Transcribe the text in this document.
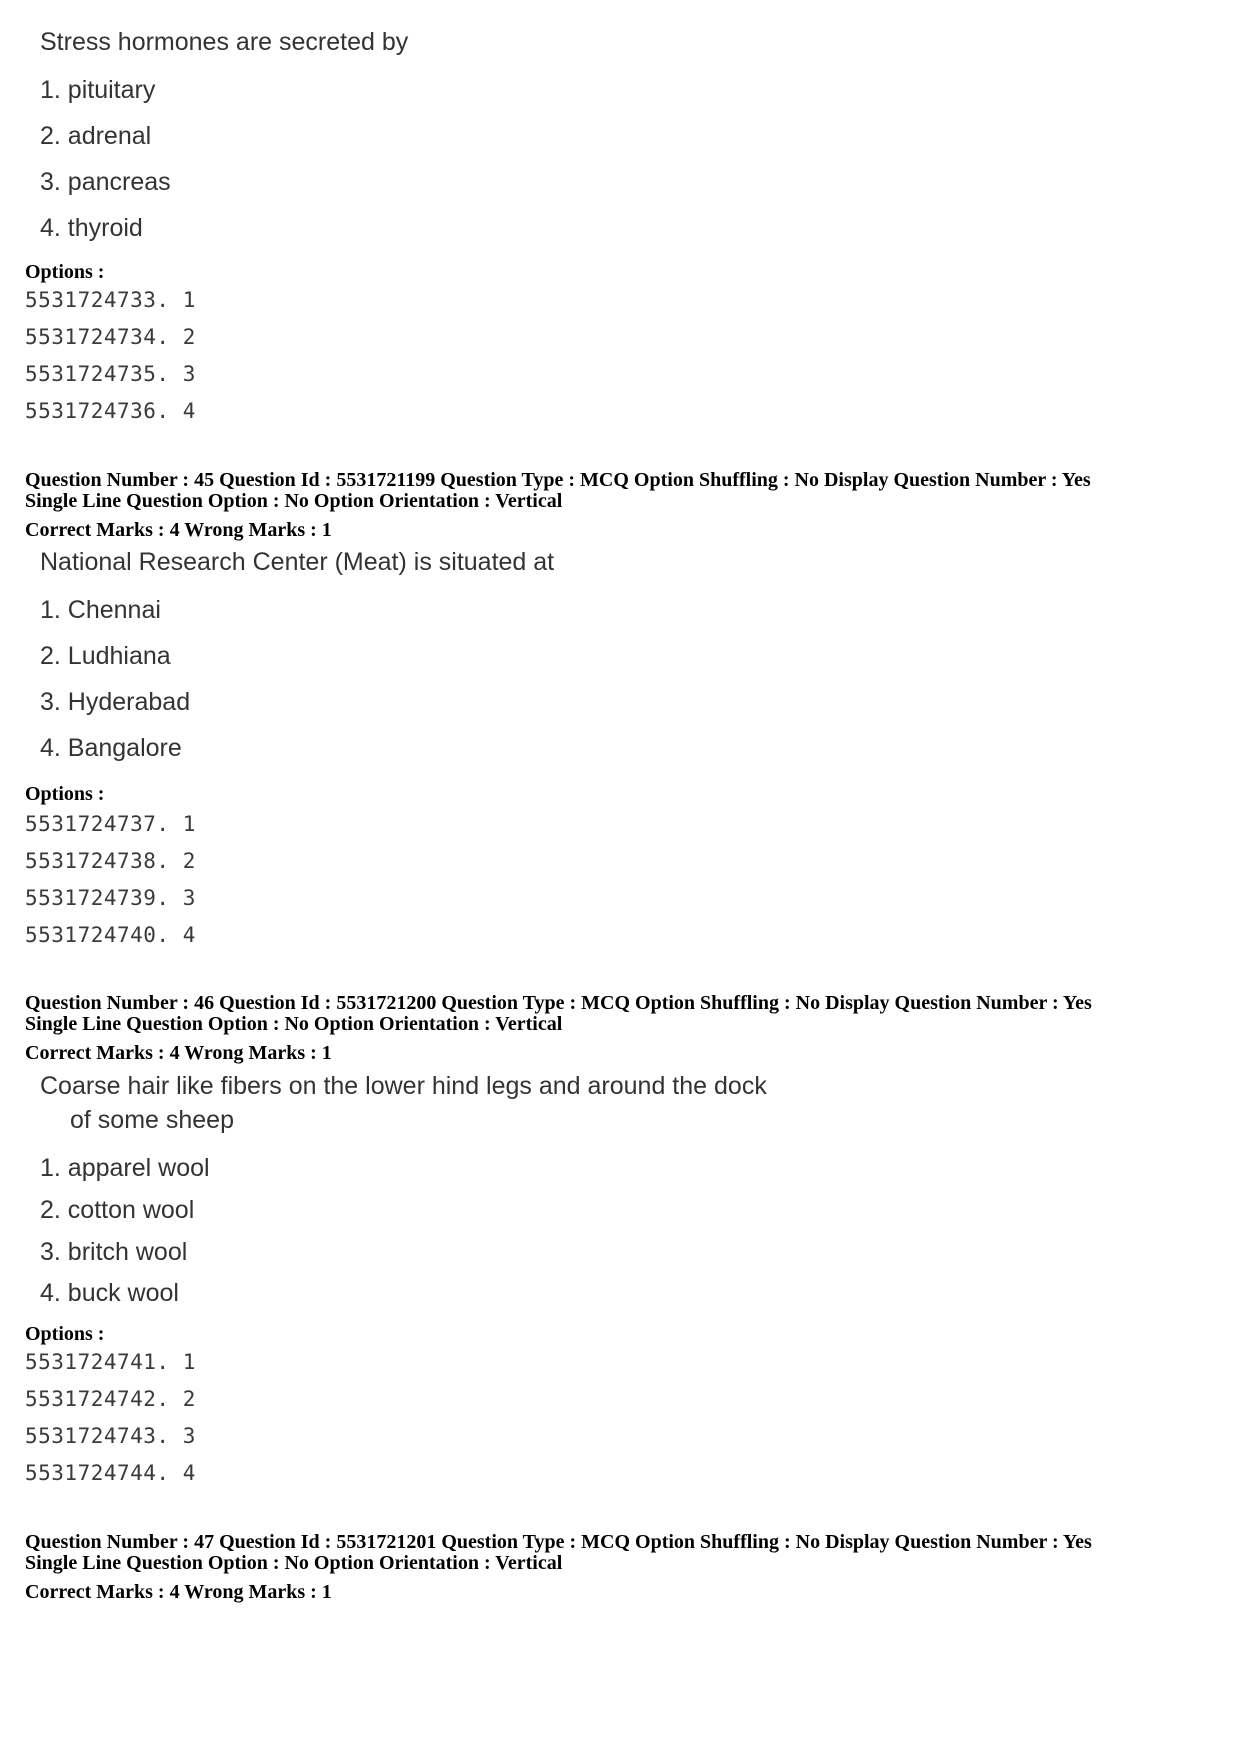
Stress hormones are secreted by
1. pituitary
2. adrenal
3. pancreas
4. thyroid
Options :
5531724733. 1
5531724734. 2
5531724735. 3
5531724736. 4
Question Number : 45 Question Id : 5531721199 Question Type : MCQ Option Shuffling : No Display Question Number : Yes
Single Line Question Option : No Option Orientation : Vertical
Correct Marks : 4 Wrong Marks : 1
National Research Center (Meat) is situated at
1. Chennai
2. Ludhiana
3. Hyderabad
4. Bangalore
Options :
5531724737. 1
5531724738. 2
5531724739. 3
5531724740. 4
Question Number : 46 Question Id : 5531721200 Question Type : MCQ Option Shuffling : No Display Question Number : Yes
Single Line Question Option : No Option Orientation : Vertical
Correct Marks : 4 Wrong Marks : 1
Coarse hair like fibers on the lower hind legs and around the dock
of some sheep
1. apparel wool
2. cotton wool
3. britch wool
4. buck wool
Options :
5531724741. 1
5531724742. 2
5531724743. 3
5531724744. 4
Question Number : 47 Question Id : 5531721201 Question Type : MCQ Option Shuffling : No Display Question Number : Yes
Single Line Question Option : No Option Orientation : Vertical
Correct Marks : 4 Wrong Marks : 1
